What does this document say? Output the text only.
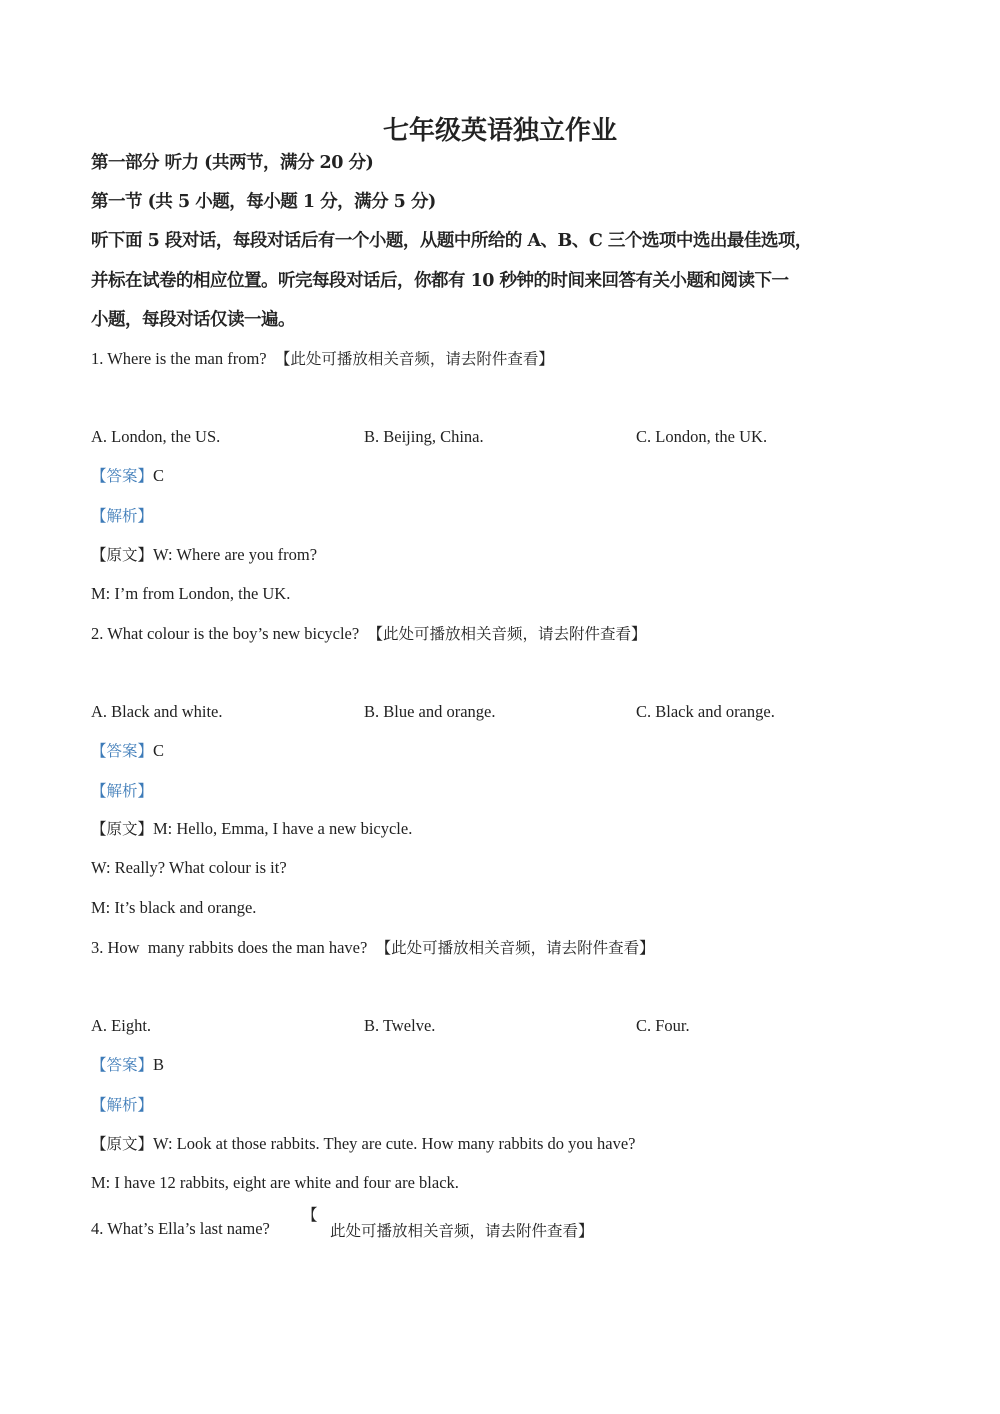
七年级英语独立作业
第一部分 听力 (共两节，满分 20 分)
第一节 (共 5 小题，每小题 1 分，满分 5 分)
听下面 5 段对话，每段对话后有一个小题，从题中所给的 A、B、C 三个选项中选出最佳选项，
并标在试卷的相应位置。听完每段对话后，你都有 10 秒钟的时间来回答有关小题和阅读下一
小题，每段对话仅读一遍。
1. Where is the man from? 【此处可播放相关音频，请去附件查看】
A. London, the US.	B. Beijing, China.	C. London, the UK.
【答案】C
【解析】
【原文】W: Where are you from?
M: I’m from London, the UK.
2. What colour is the boy’s new bicycle? 【此处可播放相关音频，请去附件查看】
A. Black and white.	B. Blue and orange.	C. Black and orange.
【答案】C
【解析】
【原文】M: Hello, Emma, I have a new bicycle.
W: Really? What colour is it?
M: It’s black and orange.
3. How  many rabbits does the man have? 【此处可播放相关音频，请去附件查看】
A. Eight.	B. Twelve.	C. Four.
【答案】B
【解析】
【原文】W: Look at those rabbits. They are cute. How many rabbits do you have?
M: I have 12 rabbits, eight are white and four are black.
4. What’s Ella’s last name?
【
此处可播放相关音频，请去附件查看】
